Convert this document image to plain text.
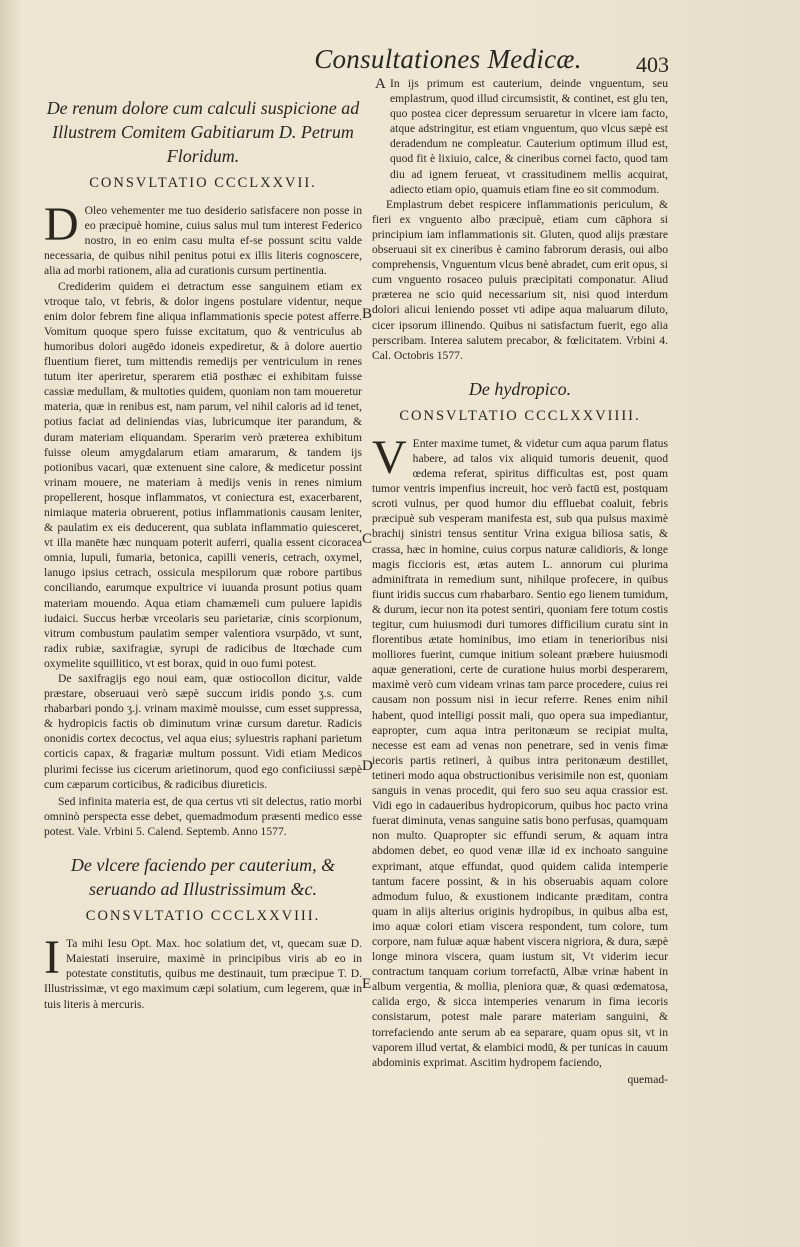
Consultationes Medicæ.	403
A
B
C
D
E
De renum dolore cum calculi suspicione ad Illustrem Comitem Gabitiarum D. Petrum Floridum.
CONSVLTATIO CCCLXXVII.

D Oleo vehementer me tuo desiderio satisfacere non posse in eo præcipuè homine, cuius salus mul tum interest Federico nostro, in eo enim casu multa ef-se possunt scitu valde necessaria, de quibus nihil penitus potui ex illis literis cognoscere, alia ad morbi rationem, alia ad curationis cursum pertinentia.

Crediderim quidem ei detractum esse sanguinem etiam ex vtroque talo, vt febris, & dolor ingens postulare videntur, neque enim dolor febrem fine aliqua inflammationis specie potest afferre. Vomitum quoque spero fuisse excitatum, quo & ventriculus ab humoribus dolori augēdo idoneis expediretur, & à dolore auertio fluentium fieret, tum mittendis remedijs per ventriculum in renes tutum iter aperiretur, sperarem etiā posthæc ei exhibitam fuisse cassiæ medullam, & multoties quidem, quoniam non tam moueretur materia, quæ in renibus est, nam parum, vel nihil caloris ad id tenet, potius faciat ad deliniendas vias, lubricumque iter parandum, & duram materiam eliquandam. Sperarim verò præterea exhibitum fuisse oleum amygdalarum etiam amararum, & tandem ijs potionibus vacari, quæ extenuent sine calore, & medicetur possint vrinam mouere, ne materiam à medijs venis in renes nimium propellerent, hosque inflammatos, vt coniectura est, exacerbarent, nimiaque materia obruerent, potius inflammationis causam leniter, & paulatim ex eis deducerent, qua sublata inflammatio quiesceret, vt illa manēte hæc nunquam poterit auferri, qualia essent cicoracea omnia, lupuli, fumaria, betonica, capilli veneris, cetrach, oxymel, lanugo ipsius cetrach, ossicula mespilorum quæ robore partibus conciliando, earumque expultrice vi iuuanda prosunt potius quam materiam mouendo. Aqua etiam chamæmeli cum puluere lapidis iudaici. Succus herbæ vrceolaris seu parietariæ, cinis scorpionum, vitrum combustum paulatim semper valentiora vsurpādo, vt sunt, radix rubiæ, saxifragiæ, syrupi de radicibus de ltœchade cum oxymelite squillitico, vt est borax, quid in ouo fumi potest.

De saxifragijs ego noui eam, quæ ostiocollon dicitur, valde præstare, obseruaui verò sæpè succum iridis pondo ʒ.s. cum rhabarbari pondo ʒ.j. vrinam maximè mouisse, cum esset suppressa, & hydropicis factis ob diminutum vrinæ cursum daretur. Radicis ononidis cortex decoctus, vel aqua eius; syluestris raphani parietum corticis capax, & fragariæ multum possunt. Vidi etiam Medicos plurimi fecisse ius cicerum arietinorum, quod ego conficiiussi sæpè cum cæparum corticibus, & radicibus diureticis.

Sed infinita materia est, de qua certus vti sit delectus, ratio morbi omninò perspecta esse debet, quemadmodum præsenti medico esse potest. Vale. Vrbini 5. Calend. Septemb. Anno 1577.

De vlcere faciendo per cauterium, & seruando ad Illustrissimum &c.
CONSVLTATIO CCCLXXVIII.

I Ta mihi Iesu Opt. Max. hoc solatium det, vt, quecam suæ D. Maiestati inseruire, maximè in principibus viris ab eo in potestate constitutis, quibus me destinauit, tum præcipue T. D. Illustrissimæ, vt ego maximum cæpi solatium, cum legerem, quæ in tuis literis à mercuris.

In ijs primum est cauterium, deinde vnguentum, seu emplastrum, quod illud circumsistit, & continet, est glu ten, quo postea cicer depressum seruaretur in vlcere iam facto, atque adstringitur, est etiam vnguentum, quo vlcus sæpè est deradendum ne compleatur. Cauterium optimum illud est, quod fit è lixiuio, calce, & cineribus cornei facto, quod tam diu ad ignem feruеat, vt crassitudinem mellis acquirat, adiecto etiam opio, quamuis etiam fine eo sit commodum.

Emplastrum debet respicere inflammationis periculum, & fieri ex vnguento albo præcipuè, etiam cum cāphora si principium iam inflammationis sit. Gluten, quod alijs præstare obseruaui sit ex cineribus è camino fabrorum derasis, oui albo comprehensis, Vnguentum vlcus benè abradet, cum erit opus, si cum vnguento rosaceo puluis præcipitati componatur. Aliud præterea ne scio quid necessarium sit, nisi quod interdum dolori alicui leniendo posset vti adipe aqua maluarum diluto, cicer ipsorum illinendo. Quibus ni satisfactum fuerit, ego alia perscribam. Interea salutem precabor, & fœlicitatem. Vrbini 4. Cal. Octobris 1577.

De hydropico.
CONSVLTATIO CCCLXXVIIII.

V Enter maxime tumet, & videtur cum aqua parum flatus habere, ad talos vix aliquid tumoris deuenit, quod œdema referat, spiritus difficultas est, post quam tumor ventris impenfius increuit, hoc verò factū est, postquam scroti vulnus, per quod humor diu effluebat coaluit, febris præcipuè sub vesperam manifesta est, sub qua pulsus maximè brachij sinistri tensus sentitur Vrina exigua biliosa satis, & crassa, hæc in homine, cuius corpus naturæ calidioris, & longe magis ficcioris est, ætas autem L. annorum cui plurima adminiftrata in remedium sunt, nihilque profecere, in quibus fiunt iridis succus cum rhabarbaro. Sentio ego lienem tumidum, & durum, iecur non ita potest sentiri, quoniam fere totum costis tegitur, cum huiusmodi duri tumores difficilium curatu sint in florentibus ætate hominibus, imo etiam in tenerioribus nisi molliores fuerint, cumque initium soleant præbere huiusmodi aquæ generationi, certe de curatione huius morbi desperarem, maximè verò cum videam vrinas tam parce procedere, cuius rei causam non possum nisi in iecur referre. Renes enim nihil habent, quod intelligi possit mali, quo opera sua impediantur, eapropter, cum aqua intra peritonæum se recipiat multa, necesse est eam ad venas non penetrare, sed in venis fimæ iecoris partis retineri, à quibus intra peritonæum destillet, tetineri modo aqua obstructionibus verisimile non est, quoniam sanguis in venas procedit, qui fero suo seu aqua crassior est. Vidi ego in cadaueribus hydropicorum, quibus hoc pacto vrina fuerat diminuta, venas sanguine satis bono perfusas, quamquam non multo. Quapropter sic effundi serum, & aquam intra abdomen debet, eo quod venæ illæ id ex inchoato sanguine exprimant, atque effundat, quod quidem calida intemperie tantum facere possint, & in his obseruabis aquam colore admodum fuluo, & exustionem indicante præditam, contra quam in alijs alterius originis hydropibus, in quibus alba est, imo aquæ colori etiam viscera respondent, tum colore, tum corpore, nam fuluæ aquæ habent viscera nigriora, & dura, sæpè longe minora viscera, quam iustum sit, Vt viderim iecur contractum tanquam corium torrefactū, Albæ vrinæ habent in album vergentia, & mollia, pleniora quæ, & quasi œdematosa, calida ergo, & sicca intemperies venarum in fima iecoris consistarum, potest male parare materiam sanguini, & torrefaciendo ante serum ab ea separare, quam opus sit, vt in vaporem illud vertat, & elambici modū, & per tunicas in cauum abdominis exprimat. Ascitim hydropem faciendo,

quemad-
